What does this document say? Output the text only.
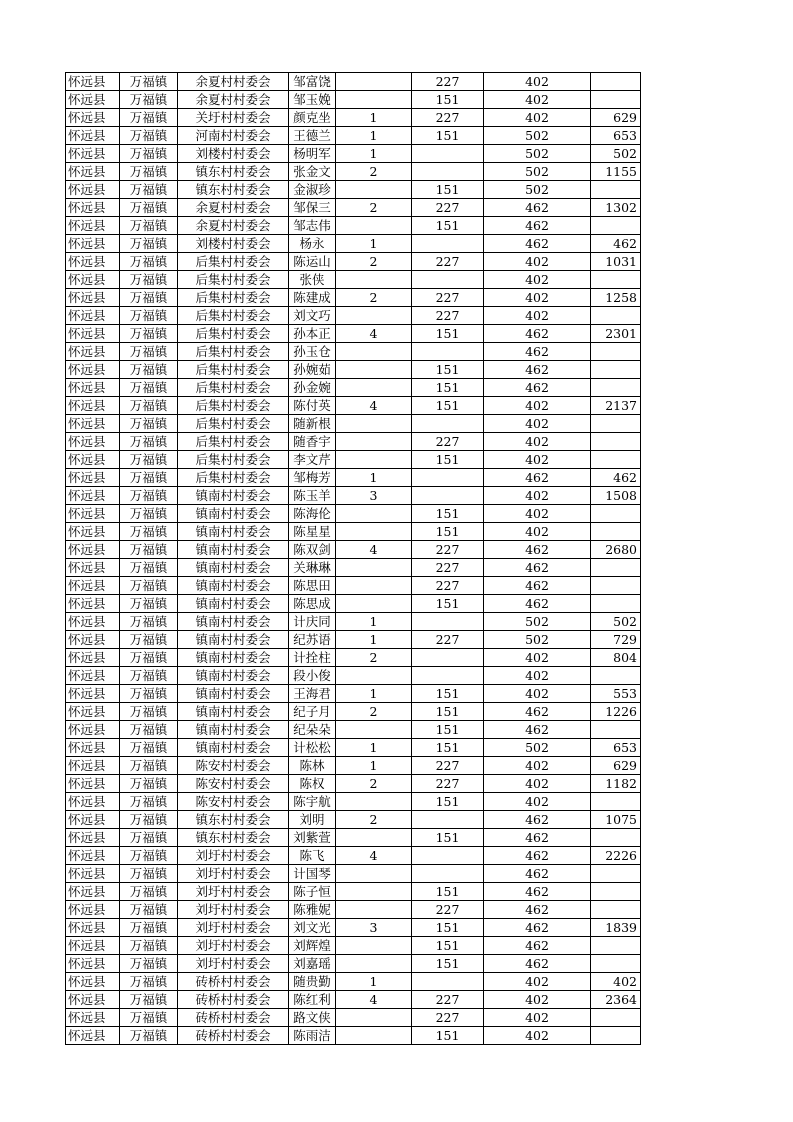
怀远县	万福镇	余夏村村委会	邹富饶		227	402	
怀远县	万福镇	余夏村村委会	邹玉娩		151	402	
怀远县	万福镇	关圩村村委会	颜克坐	1	227	402	629
怀远县	万福镇	河南村村委会	王德兰	1	151	502	653
怀远县	万福镇	刘楼村村委会	杨明军	1		502	502
怀远县	万福镇	镇东村村委会	张金文	2		502	1155
怀远县	万福镇	镇东村村委会	金淑珍		151	502	
怀远县	万福镇	余夏村村委会	邹保三	2	227	462	1302
怀远县	万福镇	余夏村村委会	邹志伟		151	462	
怀远县	万福镇	刘楼村村委会	杨永	1		462	462
怀远县	万福镇	后集村村委会	陈运山	2	227	402	1031
怀远县	万福镇	后集村村委会	张侠			402	
怀远县	万福镇	后集村村委会	陈建成	2	227	402	1258
怀远县	万福镇	后集村村委会	刘文巧		227	402	
怀远县	万福镇	后集村村委会	孙本正	4	151	462	2301
怀远县	万福镇	后集村村委会	孙玉仓			462	
怀远县	万福镇	后集村村委会	孙婉茹		151	462	
怀远县	万福镇	后集村村委会	孙金婉		151	462	
怀远县	万福镇	后集村村委会	陈付英	4	151	402	2137
怀远县	万福镇	后集村村委会	随新根			402	
怀远县	万福镇	后集村村委会	随香宇		227	402	
怀远县	万福镇	后集村村委会	李文芹		151	402	
怀远县	万福镇	后集村村委会	邹梅芳	1		462	462
怀远县	万福镇	镇南村村委会	陈玉羊	3		402	1508
怀远县	万福镇	镇南村村委会	陈海伦		151	402	
怀远县	万福镇	镇南村村委会	陈星星		151	402	
怀远县	万福镇	镇南村村委会	陈双剑	4	227	462	2680
怀远县	万福镇	镇南村村委会	关琳琳		227	462	
怀远县	万福镇	镇南村村委会	陈思田		227	462	
怀远县	万福镇	镇南村村委会	陈思成		151	462	
怀远县	万福镇	镇南村村委会	计庆同	1		502	502
怀远县	万福镇	镇南村村委会	纪苏语	1	227	502	729
怀远县	万福镇	镇南村村委会	计拴柱	2		402	804
怀远县	万福镇	镇南村村委会	段小俊			402	
怀远县	万福镇	镇南村村委会	王海君	1	151	402	553
怀远县	万福镇	镇南村村委会	纪子月	2	151	462	1226
怀远县	万福镇	镇南村村委会	纪朵朵		151	462	
怀远县	万福镇	镇南村村委会	计松松	1	151	502	653
怀远县	万福镇	陈安村村委会	陈林	1	227	402	629
怀远县	万福镇	陈安村村委会	陈权	2	227	402	1182
怀远县	万福镇	陈安村村委会	陈宇航		151	402	
怀远县	万福镇	镇东村村委会	刘明	2		462	1075
怀远县	万福镇	镇东村村委会	刘紫萱		151	462	
怀远县	万福镇	刘圩村村委会	陈飞	4		462	2226
怀远县	万福镇	刘圩村村委会	计国琴			462	
怀远县	万福镇	刘圩村村委会	陈子恒		151	462	
怀远县	万福镇	刘圩村村委会	陈雅妮		227	462	
怀远县	万福镇	刘圩村村委会	刘文光	3	151	462	1839
怀远县	万福镇	刘圩村村委会	刘辉煌		151	462	
怀远县	万福镇	刘圩村村委会	刘嘉瑶		151	462	
怀远县	万福镇	砖桥村村委会	随贵勤	1		402	402
怀远县	万福镇	砖桥村村委会	陈红利	4	227	402	2364
怀远县	万福镇	砖桥村村委会	路文侠		227	402	
怀远县	万福镇	砖桥村村委会	陈雨洁		151	402	
